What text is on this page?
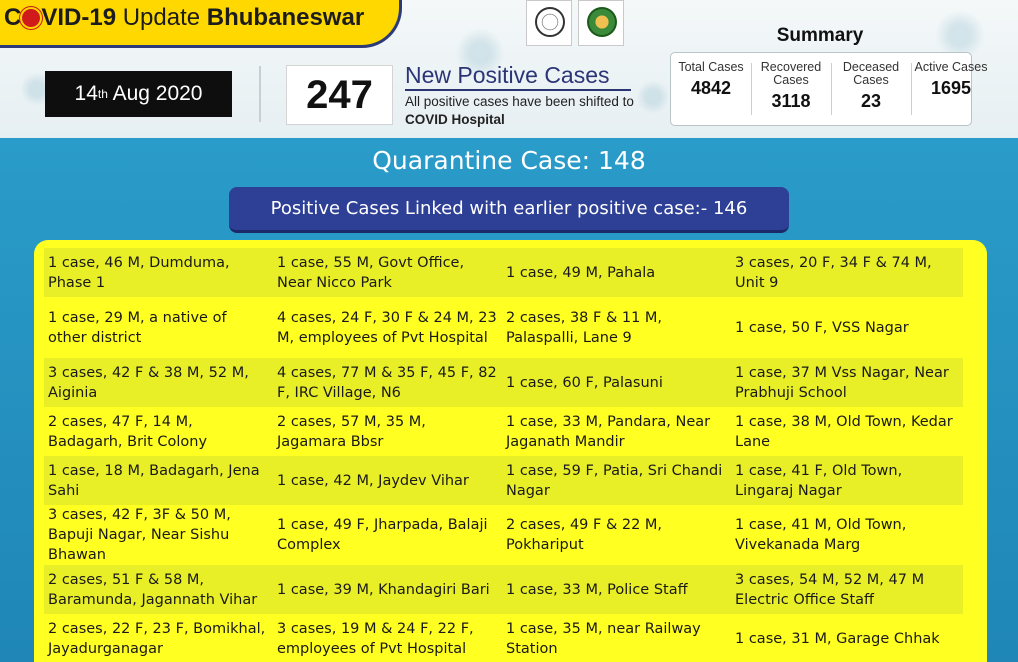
C VID-19 Update Bhubaneswar
14 th Aug 2020	247	New Positive Cases
All positive cases have been shifted to COVID Hospital
Summary
Total Cases
4842
Recovered Cases
3118
Deceased Cases
23
Active Cases
1695
Quarantine Case: 148
Positive Cases Linked with earlier positive case:- 146
1 case, 46 M, Dumduma, Phase 1	1 case, 55 M, Govt Office, Near Nicco Park	1 case, 49 M, Pahala	3 cases, 20 F, 34 F & 74 M, Unit 9
1 case, 29 M, a native of other district	4 cases, 24 F, 30 F & 24 M, 23 M, employees of Pvt Hospital	2 cases, 38 F & 11 M, Palaspalli, Lane 9	1 case, 50 F, VSS Nagar
3 cases, 42 F & 38 M, 52 M, Aiginia	4 cases, 77 M & 35 F, 45 F, 82 F, IRC Village, N6	1 case, 60 F, Palasuni	1 case, 37 M Vss Nagar, Near Prabhuji School
2 cases, 47 F, 14 M, Badagarh, Brit Colony	2 cases, 57 M, 35 M, Jagamara Bbsr	1 case, 33 M, Pandara, Near Jaganath Mandir	1 case, 38 M, Old Town, Kedar Lane
1 case, 18 M, Badagarh, Jena Sahi	1 case, 42 M, Jaydev Vihar	1 case, 59 F, Patia, Sri Chandi Nagar	1 case, 41 F, Old Town, Lingaraj Nagar
3 cases, 42 F, 3F & 50 M, Bapuji Nagar, Near Sishu Bhawan	1 case, 49 F, Jharpada, Balaji Complex	2 cases, 49 F & 22 M, Pokhariput	1 case, 41 M, Old Town, Vivekanada Marg
2 cases, 51 F & 58 M, Baramunda, Jagannath Vihar	1 case, 39 M, Khandagiri Bari	1 case, 33 M, Police Staff	3 cases, 54 M, 52 M, 47 M Electric Office Staff
2 cases, 22 F, 23 F, Bomikhal, Jayadurganagar	3 cases, 19 M & 24 F, 22 F, employees of Pvt Hospital	1 case, 35 M, near Railway Station	1 case, 31 M, Garage Chhak
